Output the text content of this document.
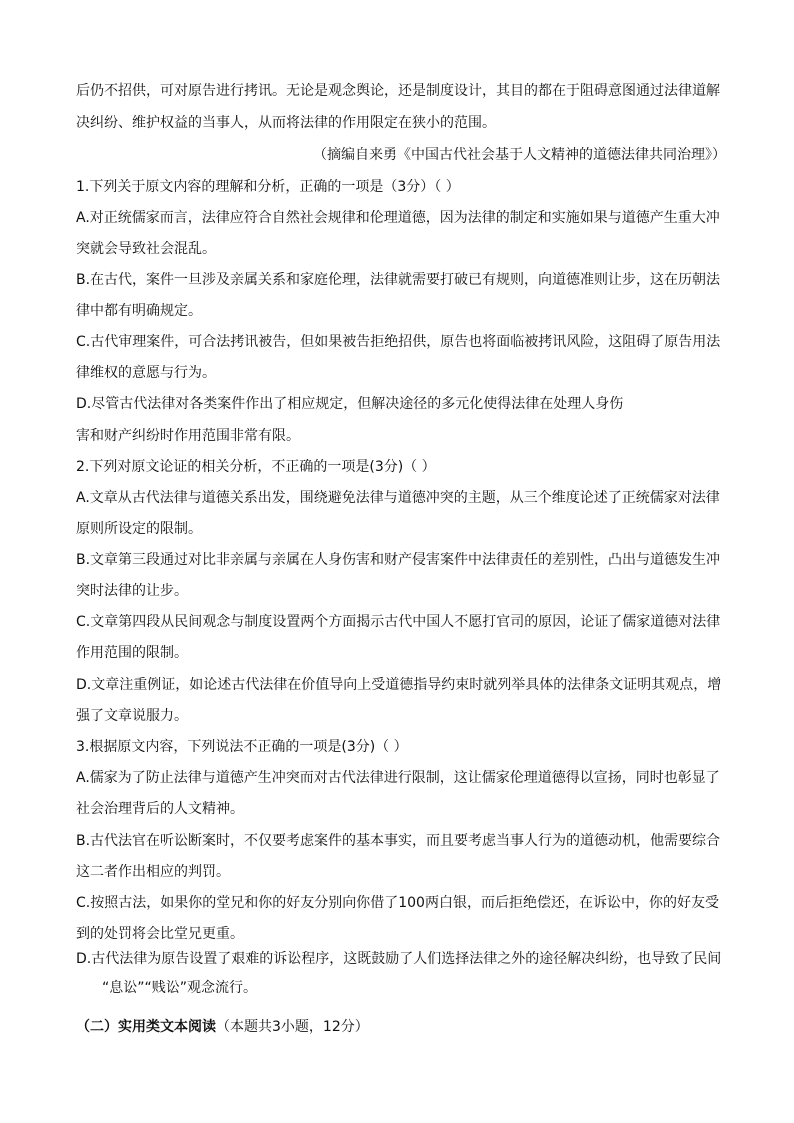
后仍不招供，可对原告进行拷讯。无论是观念舆论，还是制度设计，其目的都在于阻碍意图通过法律道解
决纠纷、维护权益的当事人，从而将法律的作用限定在狭小的范围。
（摘编自来勇《中国古代社会基于人文精神的道德法律共同治理》）
1.下列关于原文内容的理解和分析，正确的一项是（3分）（ ）
A.对正统儒家而言，法律应符合自然社会规律和伦理道德，因为法律的制定和实施如果与道德产生重大冲
突就会导致社会混乱。
B.在古代，案件一旦涉及亲属关系和家庭伦理，法律就需要打破已有规则，向道德准则让步，这在历朝法
律中都有明确规定。
C.古代审理案件，可合法拷讯被告，但如果被告拒绝招供，原告也将面临被拷讯风险，这阻碍了原告用法
律维权的意愿与行为。
D.尽管古代法律对各类案件作出了相应规定，但解决途径的多元化使得法律在处理人身伤
害和财产纠纷时作用范围非常有限。
2.下列对原文论证的相关分析，不正确的一项是(3分)（ ）
A.文章从古代法律与道德关系出发，围绕避免法律与道德冲突的主题，从三个维度论述了正统儒家对法律
原则所设定的限制。
B.文章第三段通过对比非亲属与亲属在人身伤害和财产侵害案件中法律责任的差别性，凸出与道德发生冲
突时法律的让步。
C.文章第四段从民间观念与制度设置两个方面揭示古代中国人不愿打官司的原因，论证了儒家道德对法律
作用范围的限制。
D.文章注重例证，如论述古代法律在价值导向上受道德指导约束时就列举具体的法律条文证明其观点，增
强了文章说服力。
3.根据原文内容，下列说法不正确的一项是(3分)（ ）
A.儒家为了防止法律与道德产生冲突而对古代法律进行限制，这让儒家伦理道德得以宣扬，同时也彰显了
社会治理背后的人文精神。
B.古代法官在听讼断案时，不仅要考虑案件的基本事实，而且要考虑当事人行为的道德动机，他需要综合
这二者作出相应的判罚。
C.按照古法，如果你的堂兄和你的好友分别向你借了100两白银，而后拒绝偿还，在诉讼中，你的好友受
到的处罚将会比堂兄更重。
D.古代法律为原告设置了艰难的诉讼程序，这既鼓励了人们选择法律之外的途径解决纠纷，也导致了民间
“息讼”“贱讼”观念流行。
（二）实用类文本阅读（本题共3小题，12分）
